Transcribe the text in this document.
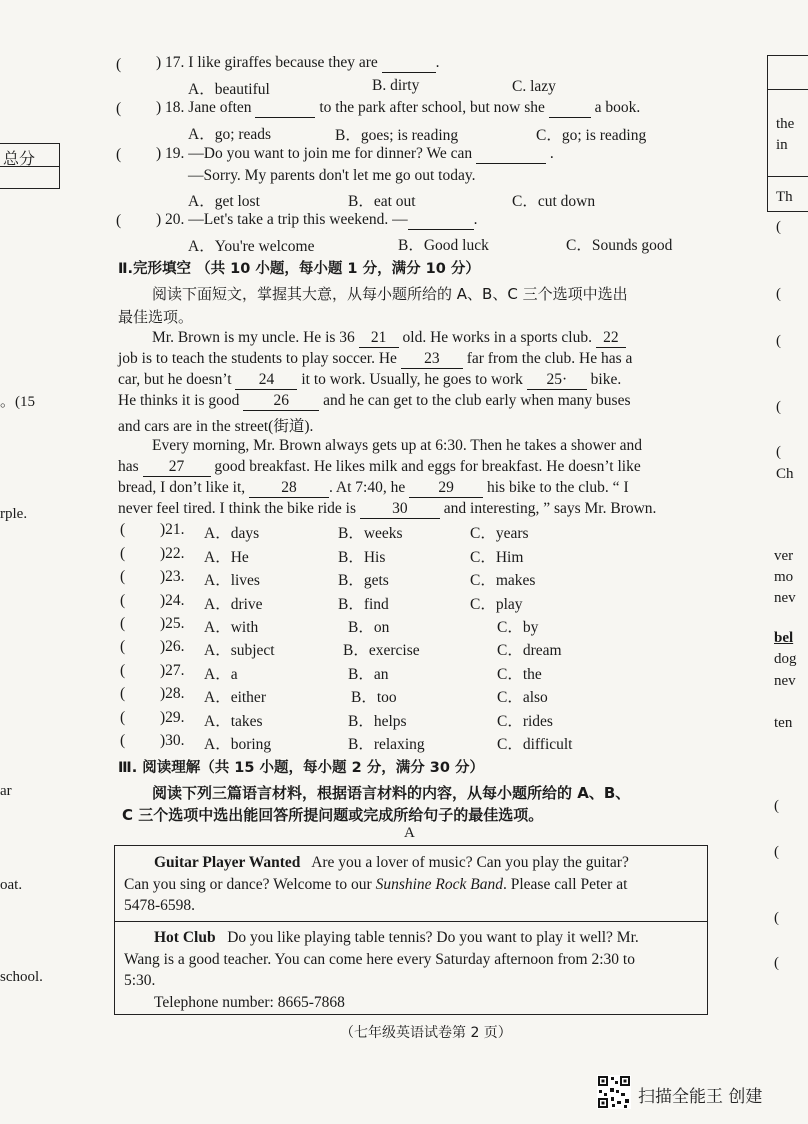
总分
。(15
rple.
ar
oat.
school.
the
in
Th
(
(
(
(
(
Ch
ver
mo
nev
bel
dog
nev
ten
(
(
(
(
( ) 17. I like giraffes because they are	.
A．beautiful	B. dirty	C. lazy
( ) 18. Jane often	to the park after school, but now she	a book.
A．go; reads	B．goes; is reading	C．go; is reading
( ) 19. —Do you want to join me for dinner? We can	.
—Sorry. My parents don't let me go out today.
A．get lost	B．eat out	C．cut down
( ) 20. —Let's take a trip this weekend. —	.
A．You're welcome	B．Good luck	C．Sounds good
Ⅱ.完形填空 （共 10 小题，每小题 1 分，满分 10 分）
阅读下面短文，掌握其大意，从每小题所给的 A、B、C 三个选项中选出
最佳选项。
Mr. Brown is my uncle. He is 36 21 old. He works in a sports club. 22
job is to teach the students to play soccer. He 23 far from the club. He has a
car, but he doesn’t 24 it to work. Usually, he goes to work 25· bike.
He thinks it is good 26 and he can get to the club early when many buses
and cars are in the street(街道).
Every morning, Mr. Brown always gets up at 6:30. Then he takes a shower and
has 27 good breakfast. He likes milk and eggs for breakfast. He doesn’t like
bread, I don’t like it, 28 . At 7:40, he 29 his bike to the club. “ I
never feel tired. I think the bike ride is 30 and interesting, ” says Mr. Brown.
( )21. A．days	B．weeks	C．years
( )22. A．He	B．His	C．Him
( )23. A．lives	B．gets	C．makes
( )24. A．drive	B．find	C．play
( )25. A．with	B．on	C．by
( )26. A．subject	B．exercise	C．dream
( )27. A．a	B．an	C．the
( )28. A．either	B．too	C．also
( )29. A．takes	B．helps	C．rides
( )30. A．boring	B．relaxing	C．difficult
Ⅲ. 阅读理解（共 15 小题，每小题 2 分，满分 30 分）
阅读下列三篇语言材料，根据语言材料的内容，从每小题所给的 A、B、
C 三个选项中选出能回答所提问题或完成所给句子的最佳选项。
A
Guitar Player Wanted Are you a lover of music? Can you play the guitar?
Can you sing or dance? Welcome to our Sunshine Rock Band. Please call Peter at
5478-6598.
Hot Club Do you like playing table tennis? Do you want to play it well? Mr.
Wang is a good teacher. You can come here every Saturday afternoon from 2:30 to
5:30.
Telephone number: 8665-7868
（七年级英语试卷第 2 页）
扫描全能王 创建
